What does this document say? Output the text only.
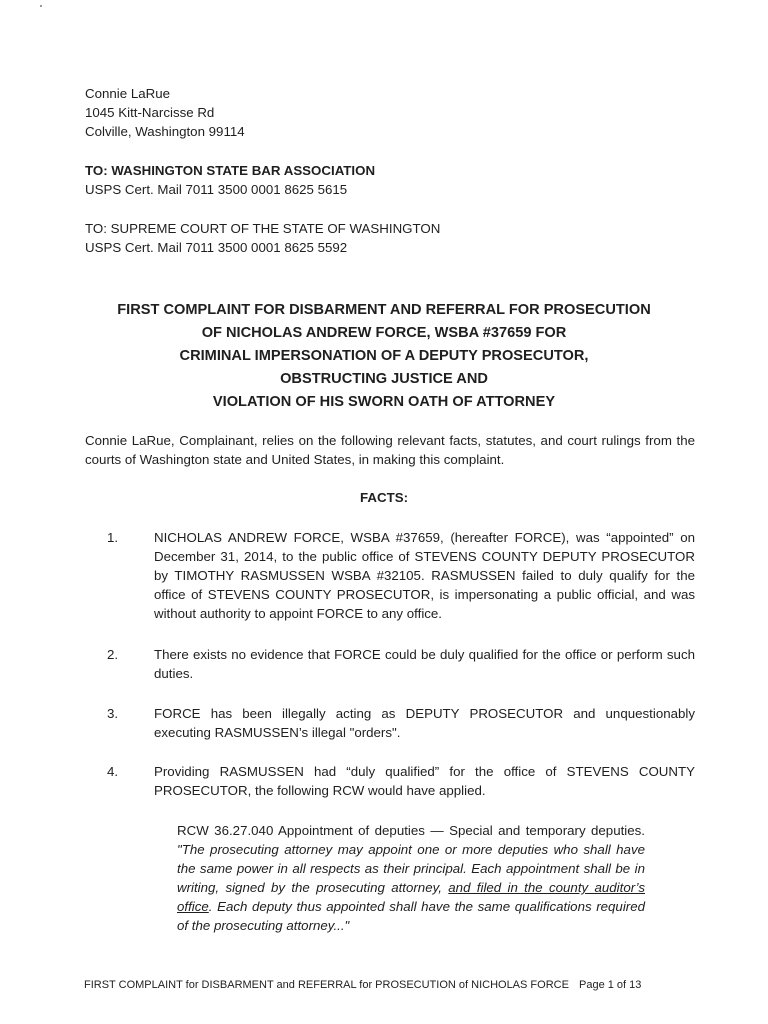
Connie LaRue
1045 Kitt-Narcisse Rd
Colville, Washington 99114
TO: WASHINGTON STATE BAR ASSOCIATION
USPS Cert. Mail 7011 3500 0001 8625 5615
TO: SUPREME COURT OF THE STATE OF WASHINGTON
USPS Cert. Mail 7011 3500 0001 8625 5592
FIRST COMPLAINT FOR DISBARMENT AND REFERRAL FOR PROSECUTION
OF NICHOLAS ANDREW FORCE, WSBA #37659 FOR
CRIMINAL IMPERSONATION OF A DEPUTY PROSECUTOR,
OBSTRUCTING JUSTICE AND
VIOLATION OF HIS SWORN OATH OF ATTORNEY
Connie LaRue, Complainant, relies on the following relevant facts, statutes, and court rulings from the courts of Washington state and United States, in making this complaint.
FACTS:
1.	NICHOLAS ANDREW FORCE, WSBA #37659, (hereafter FORCE), was “appointed” on December 31, 2014, to the public office of STEVENS COUNTY DEPUTY PROSECUTOR by TIMOTHY RASMUSSEN WSBA #32105. RASMUSSEN failed to duly qualify for the office of STEVENS COUNTY PROSECUTOR, is impersonating a public official, and was without authority to appoint FORCE to any office.
2.	There exists no evidence that FORCE could be duly qualified for the office or perform such duties.
3.	FORCE has been illegally acting as DEPUTY PROSECUTOR and unquestionably executing RASMUSSEN’s illegal "orders".
4.	Providing RASMUSSEN had “duly qualified” for the office of STEVENS COUNTY PROSECUTOR, the following RCW would have applied.
RCW 36.27.040 Appointment of deputies — Special and temporary deputies. "The prosecuting attorney may appoint one or more deputies who shall have the same power in all respects as their principal. Each appointment shall be in writing, signed by the prosecuting attorney, and filed in the county auditor’s office. Each deputy thus appointed shall have the same qualifications required of the prosecuting attorney..."
FIRST COMPLAINT for DISBARMENT and REFERRAL for PROSECUTION of NICHOLAS FORCE Page 1 of 13
